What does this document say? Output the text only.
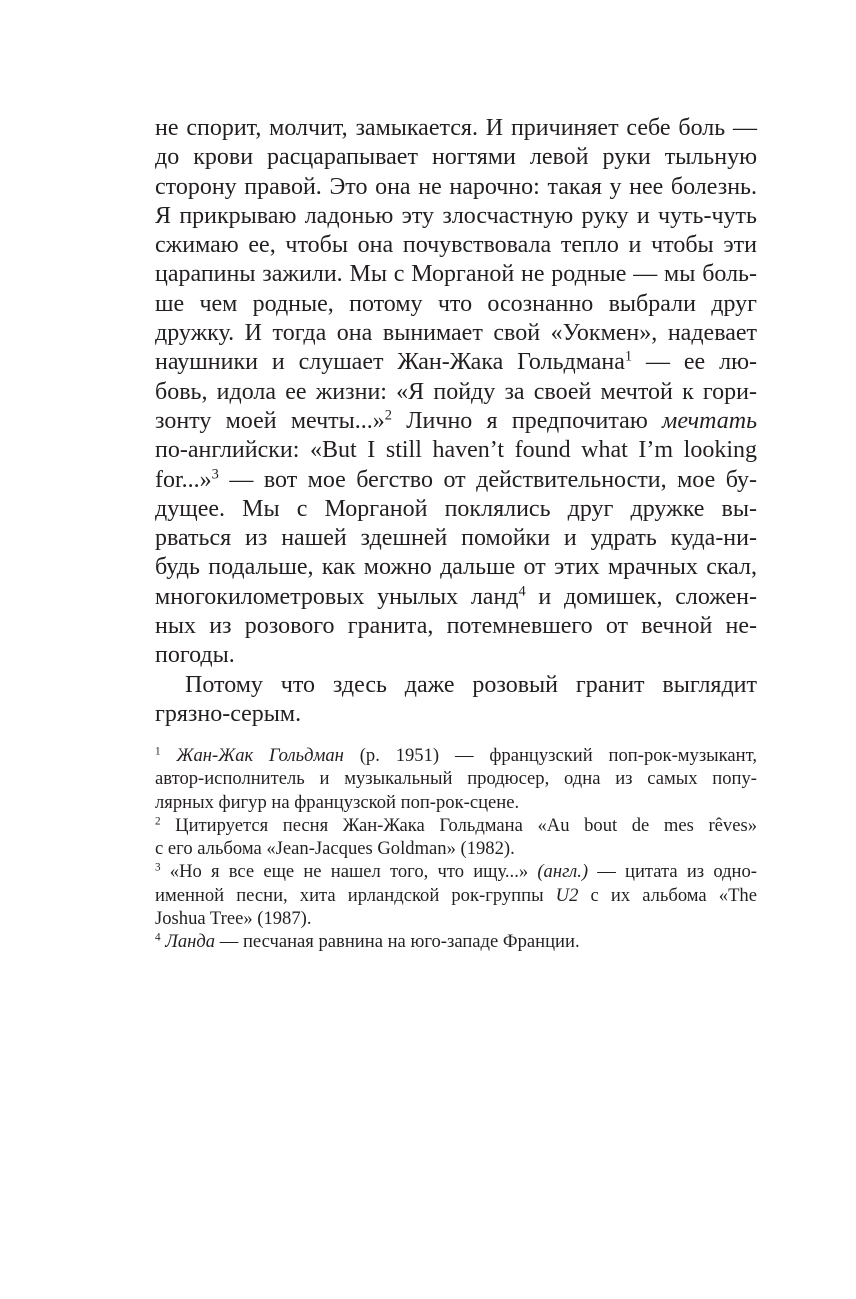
не спорит, молчит, замыкается. И причиняет себе боль —
до крови расцарапывает ногтями левой руки тыльную
сторону правой. Это она не нарочно: такая у нее болезнь.
Я прикрываю ладонью эту злосчастную руку и чуть-чуть
сжимаю ее, чтобы она почувствовала тепло и чтобы эти
царапины зажили. Мы с Морганой не родные — мы боль-
ше чем родные, потому что осознанно выбрали друг
дружку. И тогда она вынимает свой «Уокмен», надевает
наушники и слушает Жан-Жака Гольдмана$^1$ — ее лю-
бовь, идола ее жизни: «Я пойду за своей мечтой к гори-
зонту моей мечты...»$^2$ Лично я предпочитаю мечтать
по-английски: «But I still haven’t found what I’m looking
for...»$^3$ — вот мое бегство от действительности, мое бу-
дущее. Мы с Морганой поклялись друг дружке вы-
рваться из нашей здешней помойки и удрать куда-ни-
будь подальше, как можно дальше от этих мрачных скал,
многокилометровых унылых ланд$^4$ и домишек, сложен-
ных из розового гранита, потемневшего от вечной не-
погоды.
Потому что здесь даже розовый гранит выглядит
грязно-серым.
$^1$ Жан-Жак Гольдман (р. 1951) — французский поп-рок-музыкант,
автор-исполнитель и музыкальный продюсер, одна из самых попу-
лярных фигур на французской поп-рок-сцене.
$^2$ Цитируется песня Жан-Жака Гольдмана «Au bout de mes rêves»
с его альбома «Jean-Jacques Goldman» (1982).
$^3$ «Но я все еще не нашел того, что ищу...» (англ.) — цитата из одно-
именной песни, хита ирландской рок-группы U2 с их альбома «The
Joshua Tree» (1987).
$^4$ Ланда — песчаная равнина на юго-западе Франции.
